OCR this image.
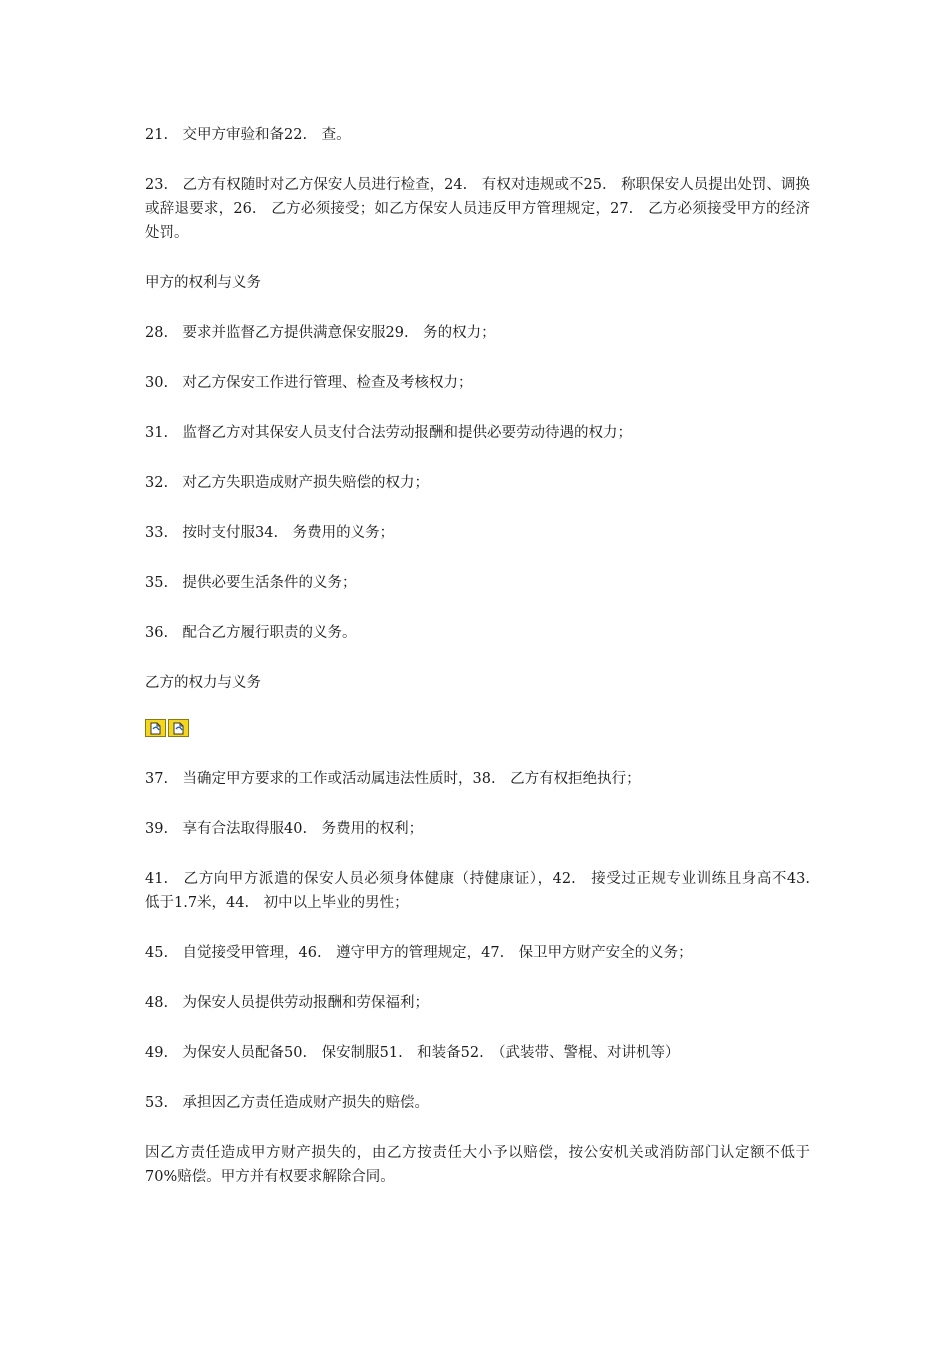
21.　交甲方审验和备22.　查。

23.　乙方有权随时对乙方保安人员进行检查，24.　有权对违规或不25.　称职保安人员提出处罚、调换或辞退要求，26.　乙方必须接受；如乙方保安人员违反甲方管理规定，27.　乙方必须接受甲方的经济处罚。

甲方的权利与义务

28.　要求并监督乙方提供满意保安服29.　务的权力；

30.　对乙方保安工作进行管理、检查及考核权力；

31.　监督乙方对其保安人员支付合法劳动报酬和提供必要劳动待遇的权力；

32.　对乙方失职造成财产损失赔偿的权力；

33.　按时支付服34.　务费用的义务；

35.　提供必要生活条件的义务；

36.　配合乙方履行职责的义务。

乙方的权力与义务

37.　当确定甲方要求的工作或活动属违法性质时，38.　乙方有权拒绝执行；

39.　享有合法取得服40.　务费用的权利；

41.　乙方向甲方派遣的保安人员必须身体健康（持健康证），42.　接受过正规专业训练且身高不43.　低于1.7米，44.　初中以上毕业的男性；

45.　自觉接受甲管理，46.　遵守甲方的管理规定，47.　保卫甲方财产安全的义务；

48.　为保安人员提供劳动报酬和劳保福利；

49.　为保安人员配备50.　保安制服51.　和装备52.　（武装带、警棍、对讲机等）

53.　承担因乙方责任造成财产损失的赔偿。

因乙方责任造成甲方财产损失的，由乙方按责任大小予以赔偿，按公安机关或消防部门认定额不低于70%赔偿。甲方并有权要求解除合同。
